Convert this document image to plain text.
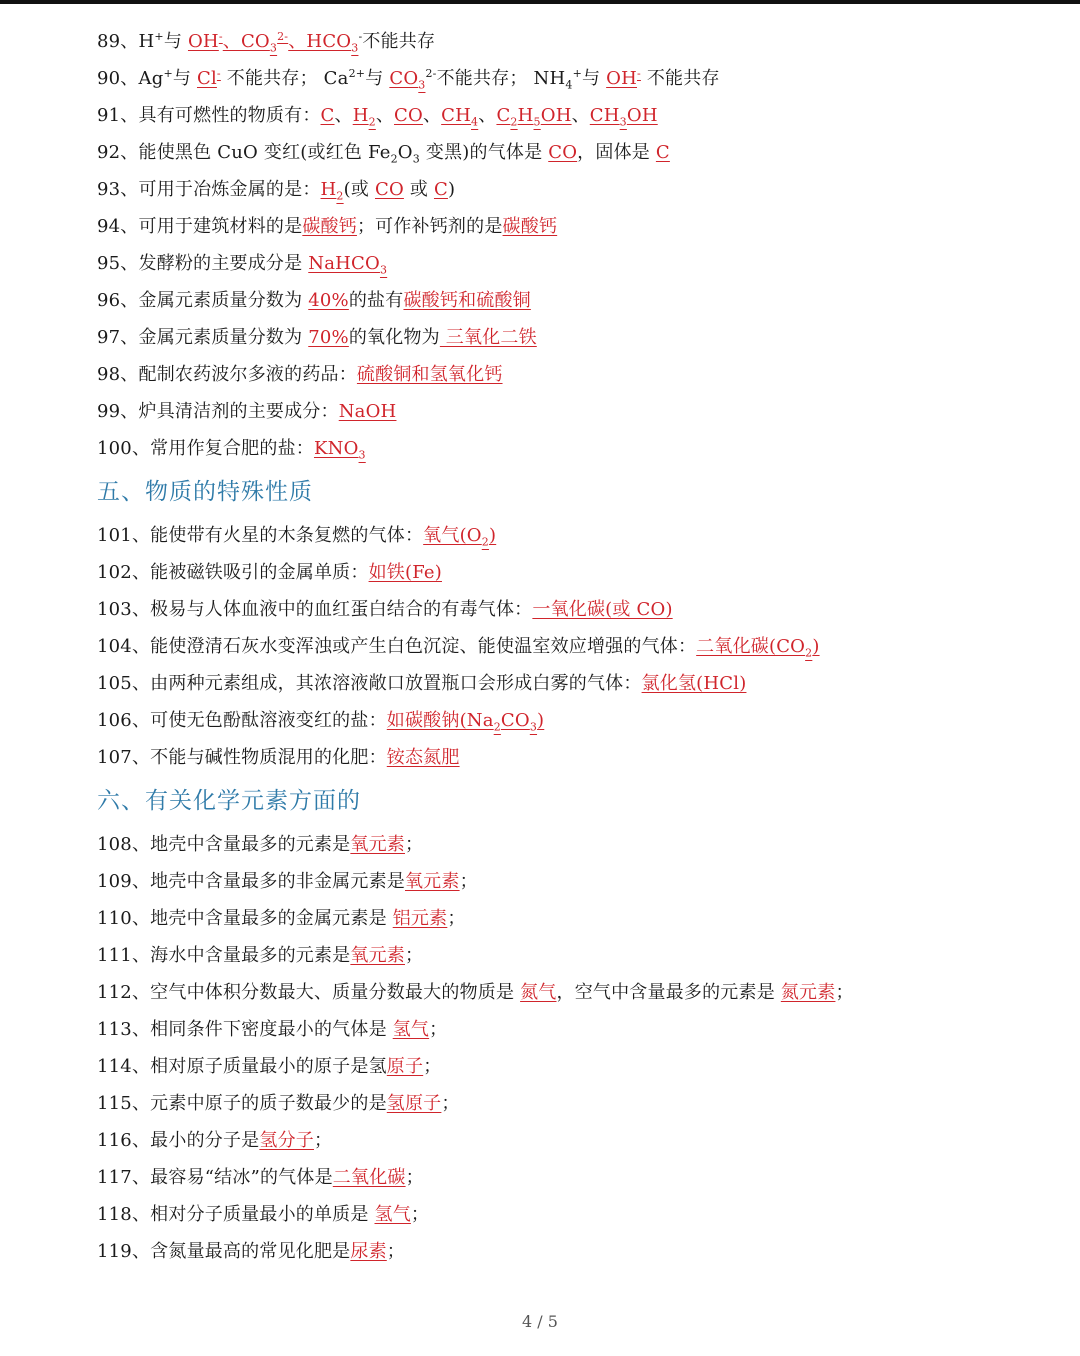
89、H+与 OH-、$CO_3^{2-}$、$HCO_3^-$不能共存
90、Ag+与 Cl- 不能共存； $Ca^{2+}$与 $CO_3^{2-}$不能共存； $NH_4^+$与 OH- 不能共存
91、具有可燃性的物质有：C、$H_2$、CO、$CH_4$、$C_2H_5OH$、$CH_3OH$
92、能使黑色 CuO 变红(或红色 $Fe_2O_3$ 变黑)的气体是 CO，固体是 C
93、可用于冶炼金属的是：$H_2$(或 CO 或 C)
94、可用于建筑材料的是碳酸钙；可作补钙剂的是碳酸钙
95、发酵粉的主要成分是 NaHCO$_3$
96、金属元素质量分数为 40%的盐有碳酸钙和硫酸铜
97、金属元素质量分数为 70%的氧化物为 三氧化二铁
98、配制农药波尔多液的药品：硫酸铜和氢氧化钙
99、炉具清洁剂的主要成分：NaOH
100、常用作复合肥的盐：$KNO_3$
五、物质的特殊性质
101、能使带有火星的木条复燃的气体：氧气$(O_2)$
102、能被磁铁吸引的金属单质：如铁(Fe)
103、极易与人体血液中的血红蛋白结合的有毒气体：一氧化碳(或 CO)
104、能使澄清石灰水变浑浊或产生白色沉淀、能使温室效应增强的气体：二氧化碳$(CO_2)$
105、由两种元素组成，其浓溶液敞口放置瓶口会形成白雾的气体：氯化氢(HCl)
106、可使无色酚酞溶液变红的盐：如碳酸钠$(Na_2CO_3)$
107、不能与碱性物质混用的化肥：铵态氮肥
六、有关化学元素方面的
108、地壳中含量最多的元素是氧元素；
109、地壳中含量最多的非金属元素是氧元素；
110、地壳中含量最多的金属元素是 铝元素；
111、海水中含量最多的元素是氧元素；
112、空气中体积分数最大、质量分数最大的物质是 氮气，空气中含量最多的元素是 氮元素；
113、相同条件下密度最小的气体是 氢气；
114、相对原子质量最小的原子是氢原子；
115、元素中原子的质子数最少的是氢原子；
116、最小的分子是氢分子；
117、最容易“结冰”的气体是二氧化碳；
118、相对分子质量最小的单质是 氢气；
119、含氮量最高的常见化肥是尿素；
4 / 5
